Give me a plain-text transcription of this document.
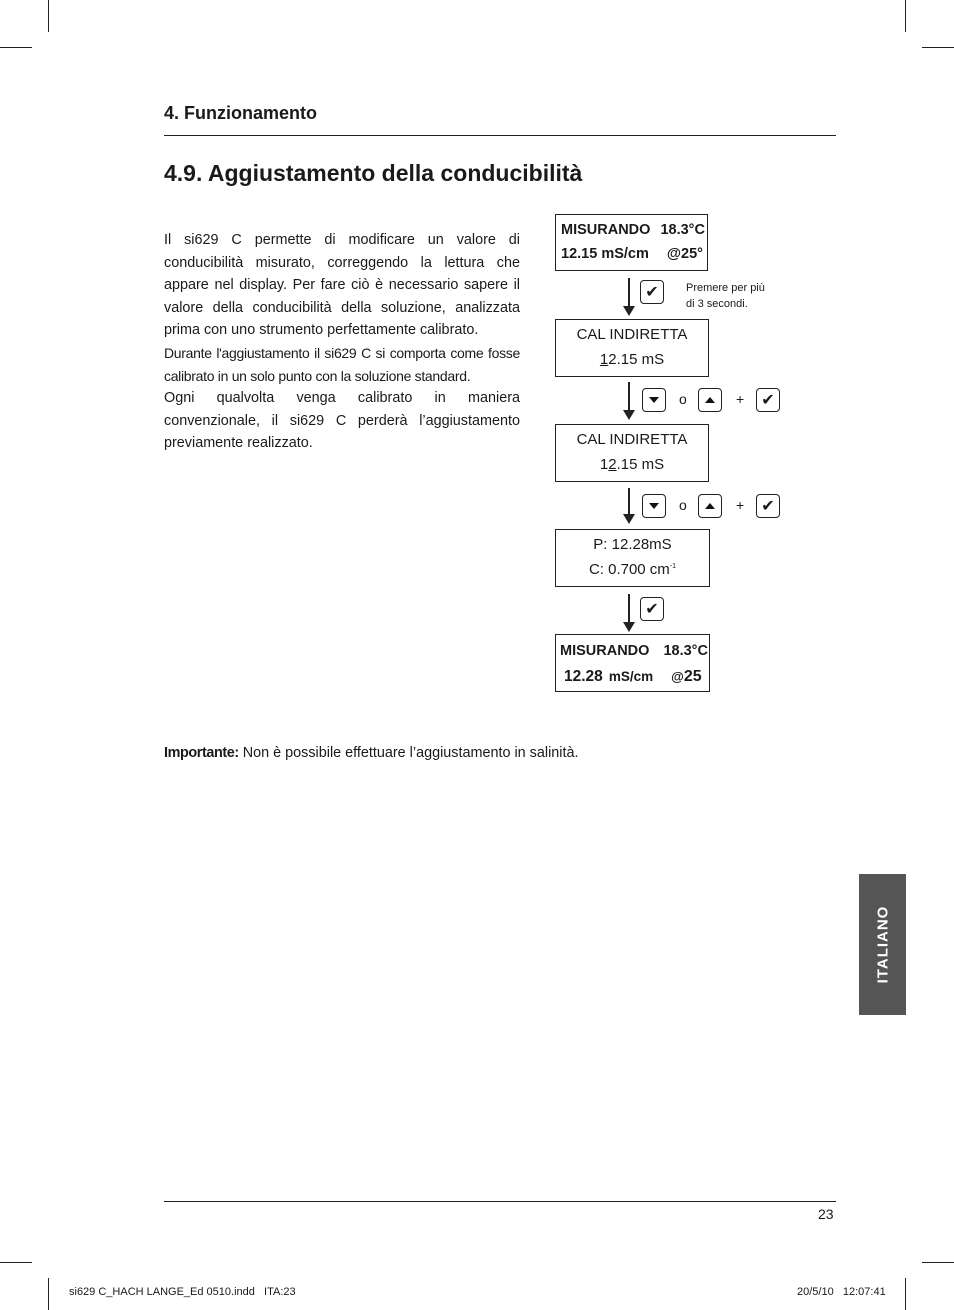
4. Funzionamento
4.9. Aggiustamento della conducibilità

Il si629 C permette di modificare un valore di conducibilità misurato, correggendo la lettura che appare nel display. Per fare ciò è necessario sapere il valore della conducibilità della soluzione, analizzata prima con uno strumento perfettamente calibrato.

Durante l'aggiustamento il si629 C si comporta come fosse calibrato in un solo punto con la soluzione standard.

Ogni qualvolta venga calibrato in maniera convenzionale, il si629 C perderà l’aggiustamento previamente realizzato.

MISURANDO 18.3°C
12.15 mS/cm @25°
✔ Premere per più
di 3 secondi.
CAL INDIRETTA
12.15 mS
o	+ ✔
CAL INDIRETTA
12.15 mS
o	+ ✔
P: 12.28mS
C: 0.700 $cm^{-1}$
✔
MISURANDO 18.3°C
12.28 mS/cm @25
Importante: Non è possibile effettuare l’aggiustamento in salinità.
ITALIANO
23
si629 C_HACH LANGE_Ed 0510.indd   ITA:23	20/5/10   12:07:41
